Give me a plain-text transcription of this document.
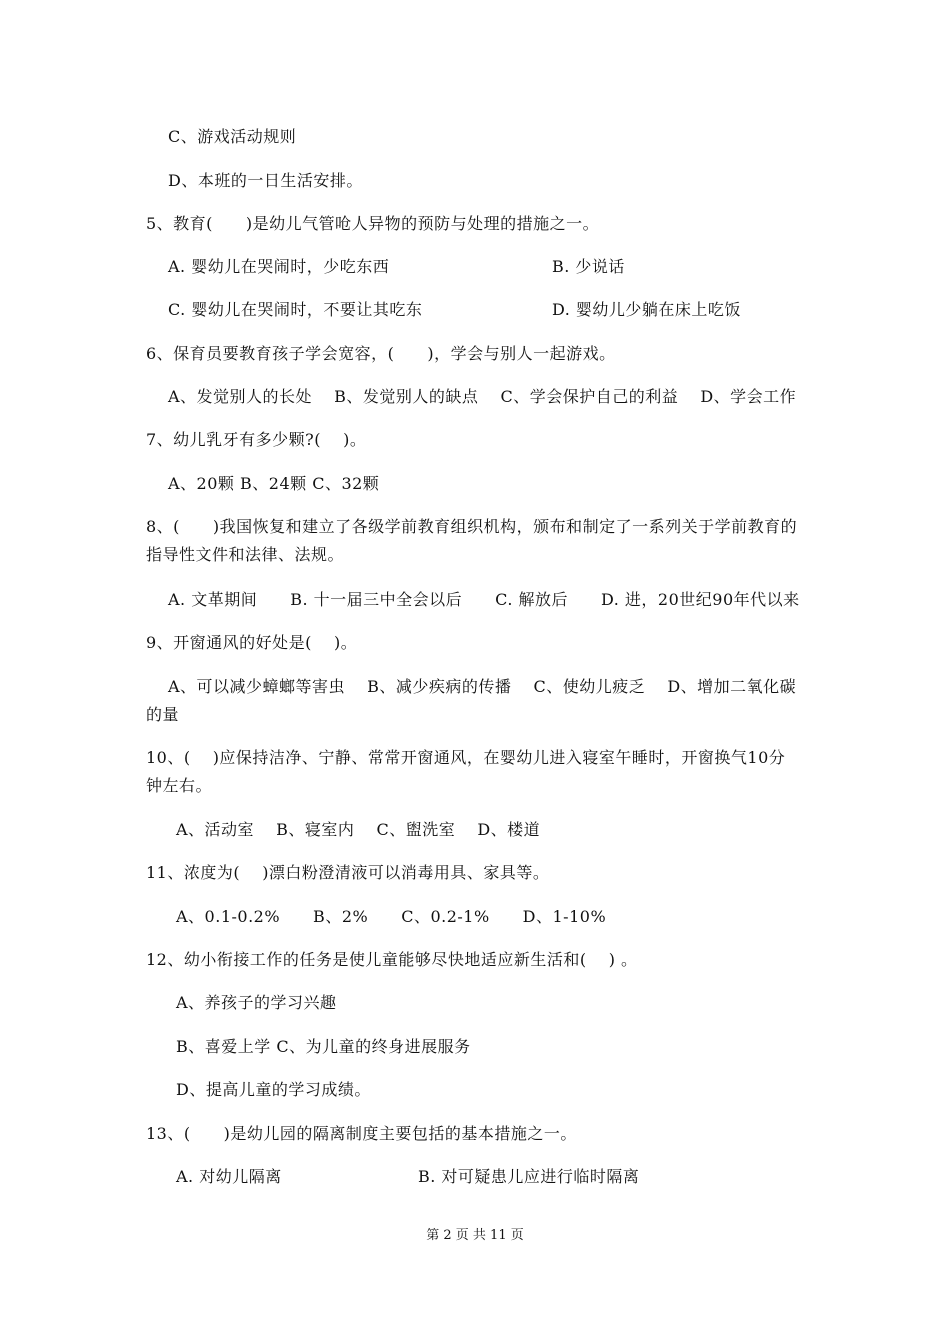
C、游戏活动规则
D、本班的一日生活安排。
5、教育(　　)是幼儿气管呛人异物的预防与处理的措施之一。
A. 婴幼儿在哭闹时，少吃东西	B. 少说话
C. 婴幼儿在哭闹时，不要让其吃东	D. 婴幼儿少躺在床上吃饭
6、保育员要教育孩子学会宽容，(　　)，学会与别人一起游戏。
A、发觉别人的长处　 B、发觉别人的缺点　 C、学会保护自己的利益　 D、学会工作
7、幼儿乳牙有多少颗?(　 )。
A、20颗 B、24颗 C、32颗
8、(　　)我国恢复和建立了各级学前教育组织机构，颁布和制定了一系列关于学前教育的
指导性文件和法律、法规。
A. 文革期间　　B. 十一届三中全会以后　　C. 解放后　　D. 进，20世纪90年代以来
9、开窗通风的好处是(　 )。
A、可以减少蟑螂等害虫　 B、减少疾病的传播　 C、使幼儿疲乏　 D、增加二氧化碳
的量
10、( 　)应保持洁净、宁静、常常开窗通风，在婴幼儿进入寝室午睡时，开窗换气10分
钟左右。
A、活动室　 B、寝室内　 C、盥洗室　 D、楼道
11、浓度为(　 )漂白粉澄清液可以消毒用具、家具等。
A、0.1-0.2%　　B、2%　　C、0.2-1%　　D、1-10%
12、幼小衔接工作的任务是使儿童能够尽快地适应新生活和(　 ) 。
A、养孩子的学习兴趣
B、喜爱上学 C、为儿童的终身进展服务
D、提高儿童的学习成绩。
13、(　　)是幼儿园的隔离制度主要包括的基本措施之一。
A. 对幼儿隔离	B. 对可疑患儿应进行临时隔离
第 2 页 共 11 页
